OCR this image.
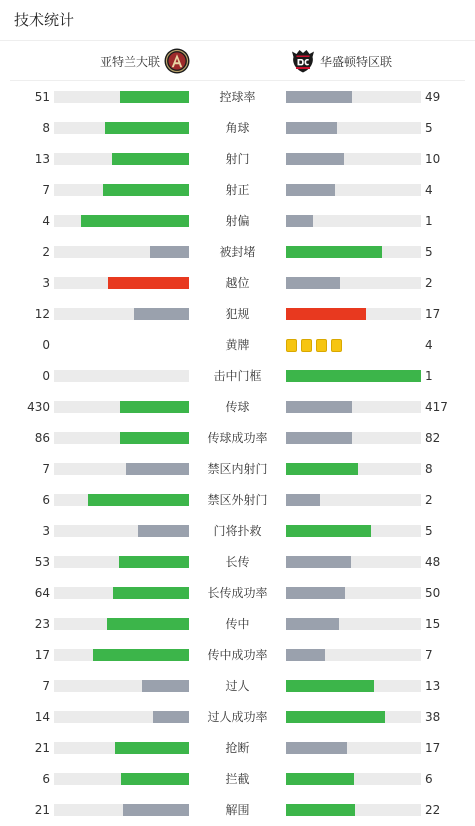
技术统计
亚特兰大联	华盛顿特区联
51	控球率	49
8	角球	5
13	射门	10
7	射正	4
4	射偏	1
2	被封堵	5
3	越位	2
12	犯规	17
0	黄牌	4
0	击中门框	1
430	传球	417
86	传球成功率	82
7	禁区内射门	8
6	禁区外射门	2
3	门将扑救	5
53	长传	48
64	长传成功率	50
23	传中	15
17	传中成功率	7
7	过人	13
14	过人成功率	38
21	抢断	17
6	拦截	6
21	解围	22
